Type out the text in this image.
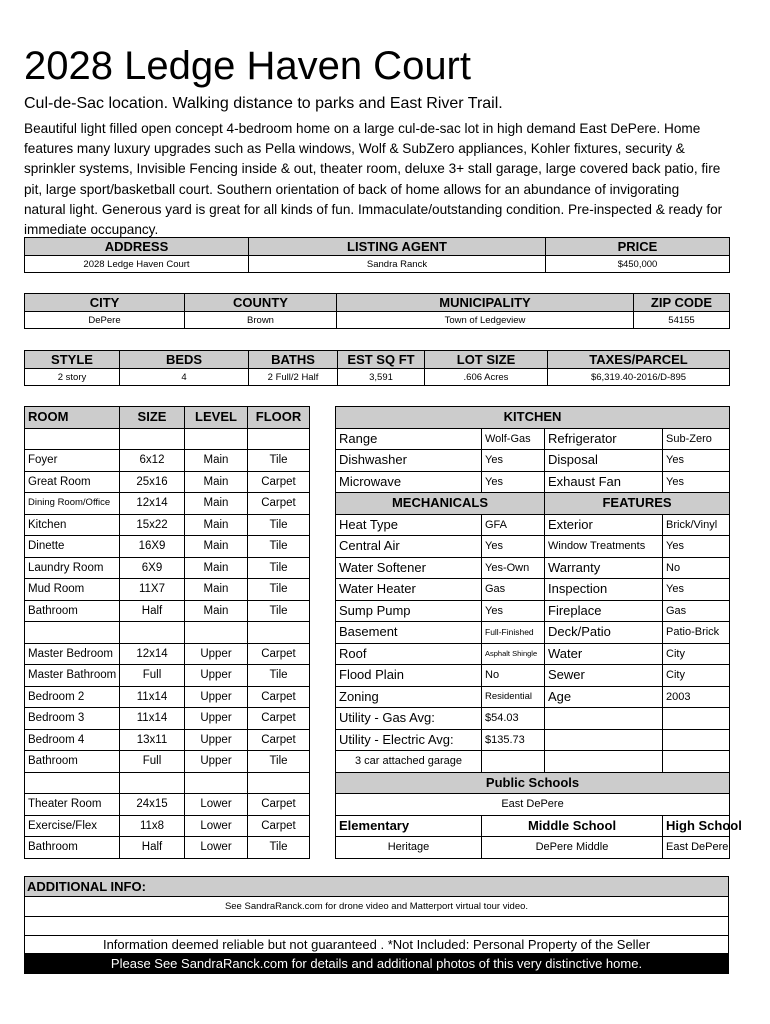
2028 Ledge Haven Court
Cul-de-Sac location. Walking distance to parks and East River Trail.
Beautiful light filled open concept 4-bedroom home on a large cul-de-sac lot in high demand East DePere. Home features many luxury upgrades such as Pella windows, Wolf & SubZero appliances, Kohler fixtures, security & sprinkler systems, Invisible Fencing inside & out, theater room, deluxe 3+ stall garage, large covered back patio, fire pit, large sport/basketball court. Southern orientation of back of home allows for an abundance of invigorating natural light. Generous yard is great for all kinds of fun. Immaculate/outstanding condition. Pre-inspected & ready for immediate occupancy.
ADDRESS	LISTING AGENT	PRICE
2028 Ledge Haven Court	Sandra Ranck	$450,000
CITY	COUNTY	MUNICIPALITY	ZIP CODE
DePere	Brown	Town of Ledgeview	54155
STYLE	BEDS	BATHS	EST SQ FT	LOT SIZE	TAXES/PARCEL
2 story	4	2 Full/2 Half	3,591	.606 Acres	$6,319.40-2016/D-895
ROOM	SIZE	LEVEL	FLOOR

Foyer	6x12	Main	Tile
Great Room	25x16	Main	Carpet
Dining Room/Office	12x14	Main	Carpet
Kitchen	15x22	Main	Tile
Dinette	16X9	Main	Tile
Laundry Room	6X9	Main	Tile
Mud Room	11X7	Main	Tile
Bathroom	Half	Main	Tile

Master Bedroom	12x14	Upper	Carpet
Master Bathroom	Full	Upper	Tile
Bedroom 2	11x14	Upper	Carpet
Bedroom 3	11x14	Upper	Carpet
Bedroom 4	13x11	Upper	Carpet
Bathroom	Full	Upper	Tile

Theater Room	24x15	Lower	Carpet
Exercise/Flex	11x8	Lower	Carpet
Bathroom	Half	Lower	Tile
KITCHEN			
Range	Wolf-Gas	Refrigerator	Sub-Zero
Dishwasher	Yes	Disposal	Yes
Microwave	Yes	Exhaust Fan	Yes
MECHANICALS		FEATURES	
Heat Type	GFA	Exterior	Brick/Vinyl
Central Air	Yes	Window Treatments	Yes
Water Softener	Yes-Own	Warranty	No
Water Heater	Gas	Inspection	Yes
Sump Pump	Yes	Fireplace	Gas
Basement	Full-Finished	Deck/Patio	Patio-Brick
Roof	Asphalt Shingle	Water	City
Flood Plain	No	Sewer	City
Zoning	Residential	Age	2003
Utility - Gas Avg:	$54.03		
Utility - Electric Avg:	$135.73		
3 car attached garage			
Public Schools			
East DePere			
Elementary	Middle School		High School
Heritage	DePere Middle		East DePere
ADDITIONAL INFO:
See SandraRanck.com for drone video and Matterport virtual tour video.

Information deemed reliable but not guaranteed . *Not Included: Personal Property of the Seller
Please See SandraRanck.com for details and additional photos of this very distinctive home.
